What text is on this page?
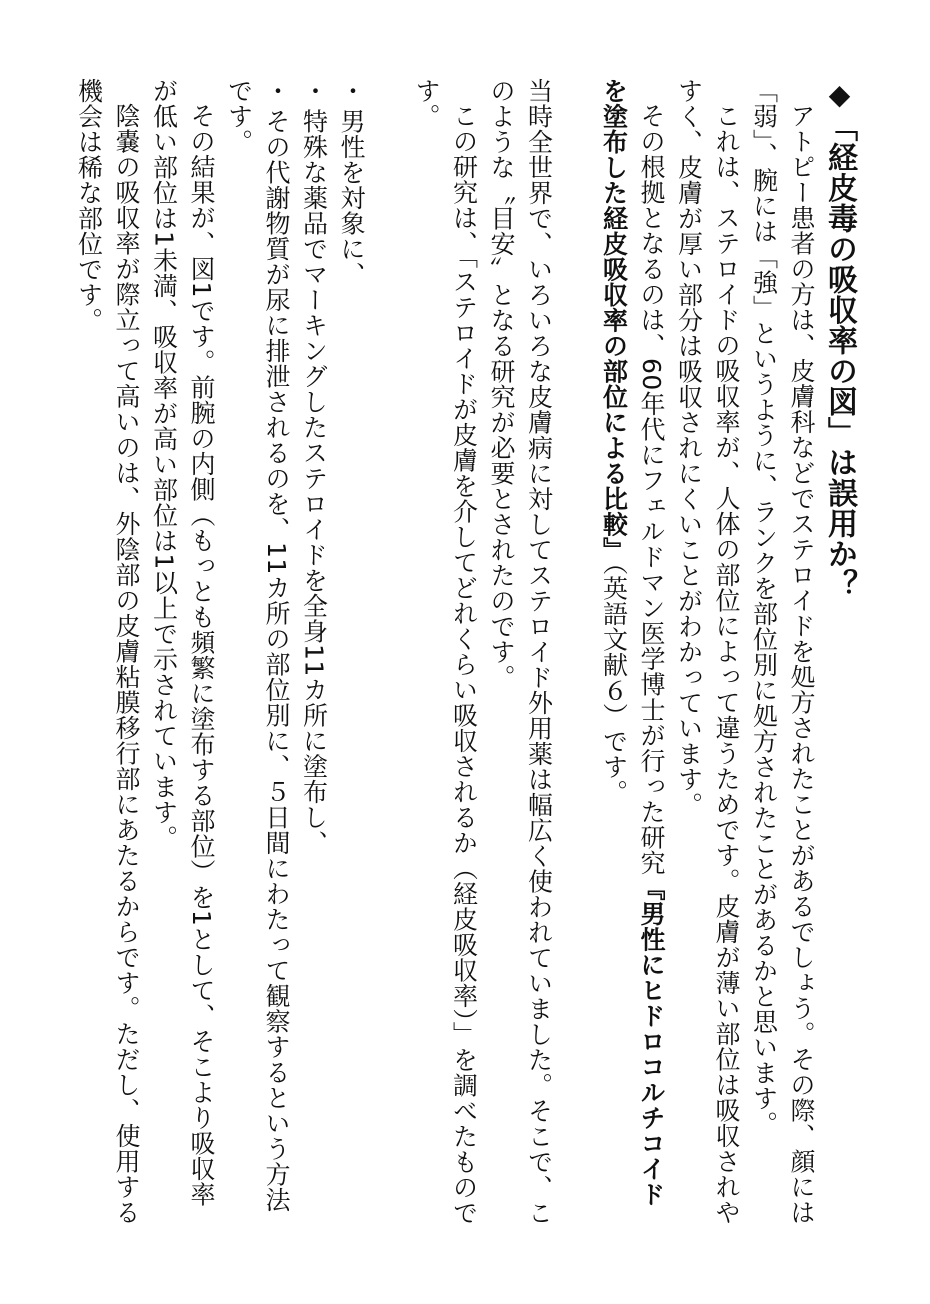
◆「経皮毒の吸収率の図」は誤用か？

アトピー患者の方は、皮膚科などでステロイドを処方されたことがあるでしょう。その際、顔には「弱」、腕には「強」というように、ランクを部位別に処方されたことがあるかと思います。

これは、ステロイドの吸収率が、人体の部位によって違うためです。皮膚が薄い部位は吸収されやすく、皮膚が厚い部分は吸収されにくいことがわかっています。

その根拠となるのは、60年代にフェルドマン医学博士が行った研究『男性にヒドロコルチコイドを塗布した経皮吸収率の部位による比較』（英語文献６）です。

当時全世界で、いろいろな皮膚病に対してステロイド外用薬は幅広く使われていました。そこで、このような〝目安〟となる研究が必要とされたのです。

この研究は、「ステロイドが皮膚を介してどれくらい吸収されるか（経皮吸収率）」を調べたものです。

・男性を対象に、
・特殊な薬品でマーキングしたステロイドを全身11カ所に塗布し、
・その代謝物質が尿に排泄されるのを、11カ所の部位別に、５日間にわたって観察するという方法です。

その結果が、図1です。前腕の内側（もっとも頻繁に塗布する部位）を1として、そこより吸収率が低い部位は1未満、吸収率が高い部位は1以上で示されています。

陰嚢の吸収率が際立って高いのは、外陰部の皮膚粘膜移行部にあたるからです。ただし、使用する機会は稀な部位です。
